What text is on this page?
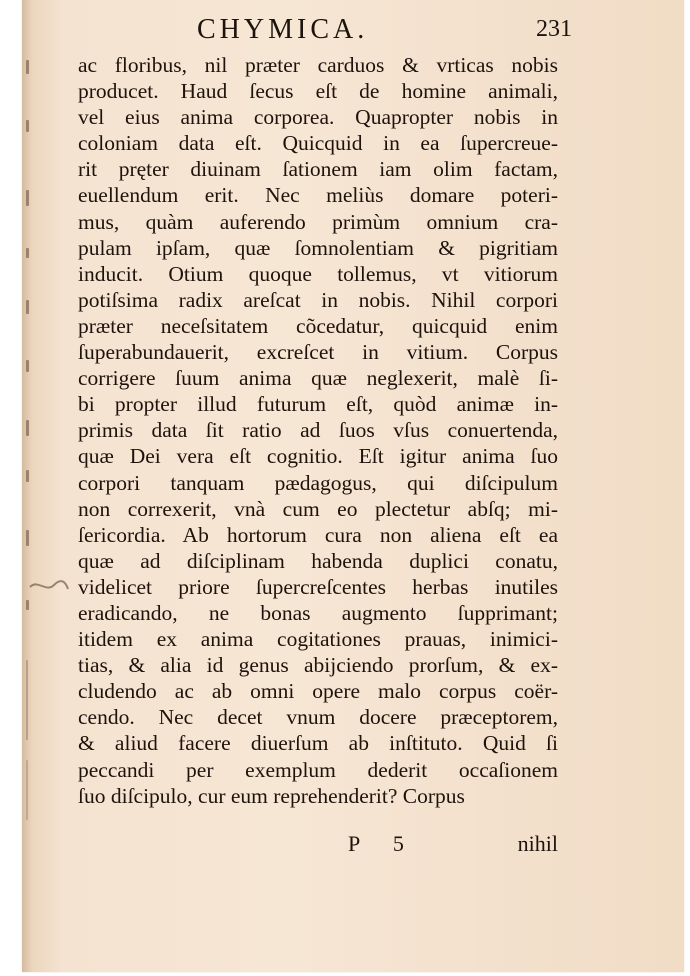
CHYMICA.	231
ac floribus, nil præter carduos & vrticas nobis
producet. Haud ſecus eſt de homine animali,
vel eius anima corporea. Quapropter nobis in
coloniam data eſt. Quicquid in ea ſupercreue-
rit pręter diuinam ſationem iam olim factam,
euellendum erit. Nec meliùs domare poteri-
mus, quàm auferendo primùm omnium cra-
pulam ipſam, quæ ſomnolentiam & pigritiam
inducit. Otium quoque tollemus, vt vitiorum
potiſsima radix areſcat in nobis. Nihil corpori
præter neceſsitatem cõcedatur, quicquid enim
ſuperabundauerit, excreſcet in vitium. Corpus
corrigere ſuum anima quæ neglexerit, malè ſi-
bi propter illud futurum eſt, quòd animæ in-
primis data ſit ratio ad ſuos vſus conuertenda,
quæ Dei vera eſt cognitio. Eſt igitur anima ſuo
corpori tanquam pædagogus, qui diſcipulum
non correxerit, vnà cum eo plectetur abſq; mi-
ſericordia. Ab hortorum cura non aliena eſt ea
quæ ad diſciplinam habenda duplici conatu,
videlicet priore ſupercreſcentes herbas inutiles
eradicando, ne bonas augmento ſupprimant;
itidem ex anima cogitationes prauas, inimici-
tias, & alia id genus abijciendo prorſum, & ex-
cludendo ac ab omni opere malo corpus coër-
cendo. Nec decet vnum docere præceptorem,
& aliud facere diuerſum ab inſtituto. Quid ſi
peccandi per exemplum dederit occaſionem
ſuo diſcipulo, cur eum reprehenderit? Corpus
P 5	nihil
